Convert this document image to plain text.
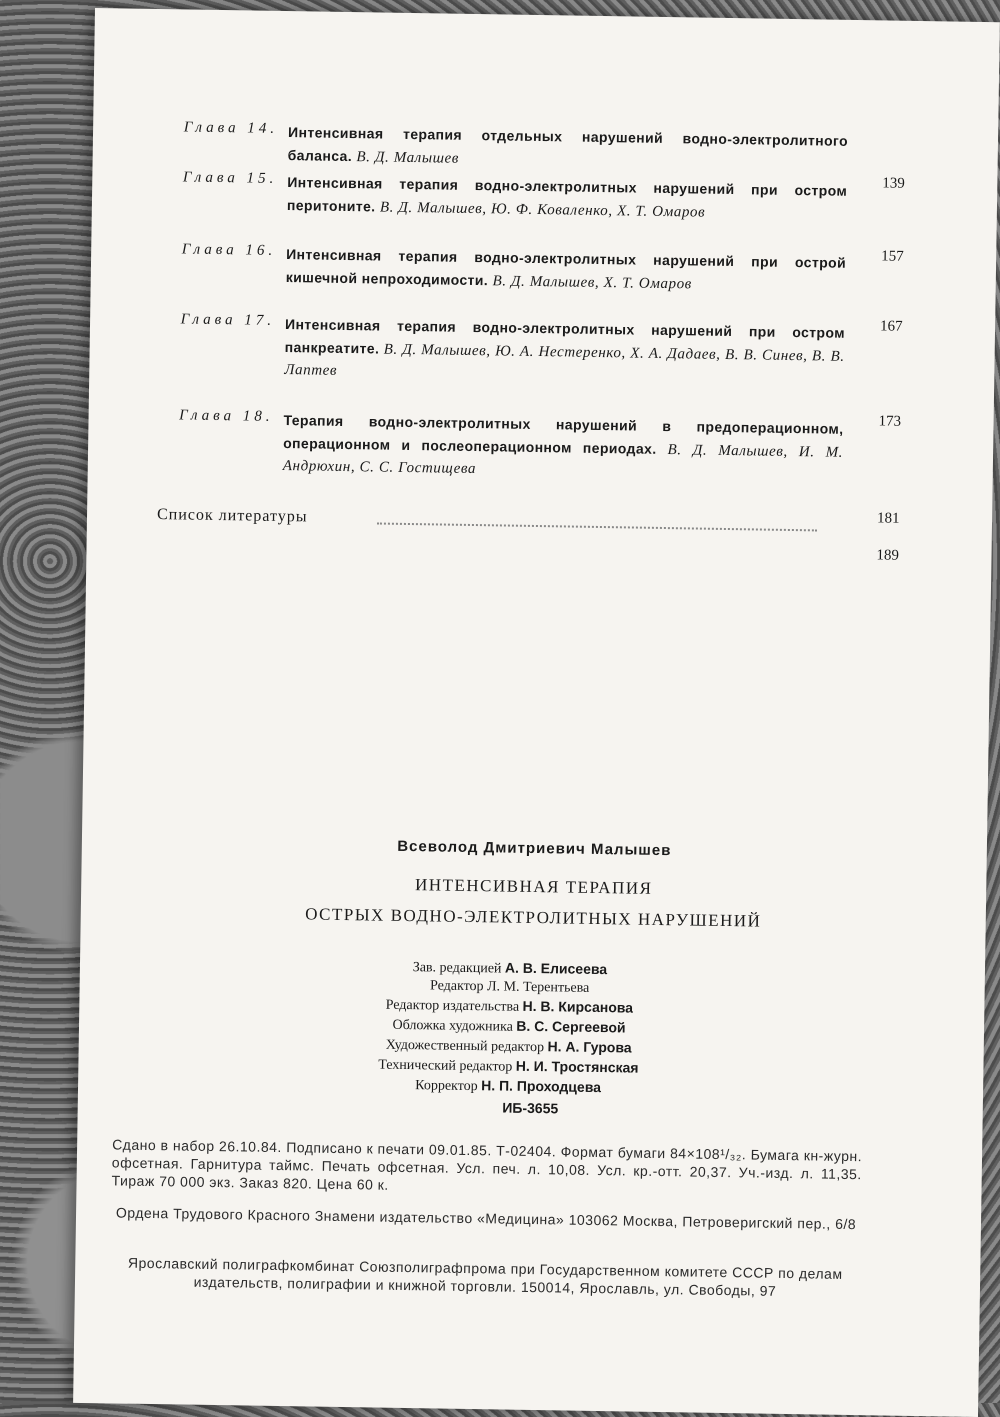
Глава 14. Интенсивная терапия отдельных нарушений водно-электролитного баланса. В. Д. Малышев
139
Глава 15. Интенсивная терапия водно-электролитных нарушений при остром перитоните. В. Д. Малышев, Ю. Ф. Коваленко, Х. Т. Омаров
157
Глава 16. Интенсивная терапия водно-электролитных нарушений при острой кишечной непроходимости. В. Д. Малышев, Х. Т. Омаров
167
Глава 17. Интенсивная терапия водно-электролитных нарушений при остром панкреатите. В. Д. Малышев, Ю. А. Нестеренко, Х. А. Дадаев, В. В. Синев, В. В. Лаптев
173
Глава 18. Терапия водно-электролитных нарушений в предоперационном, операционном и послеоперационном периодах. В. Д. Малышев, И. М. Андрюхин, С. С. Гостищева
181
Список литературы
189
Всеволод Дмитриевич Малышев
ИНТЕНСИВНАЯ ТЕРАПИЯ
ОСТРЫХ ВОДНО-ЭЛЕКТРОЛИТНЫХ НАРУШЕНИЙ
Зав. редакцией А. В. Елисеева
Редактор Л. М. Терентьева
Редактор издательства Н. В. Кирсанова
Обложка художника В. С. Сергеевой
Художественный редактор Н. А. Гурова
Технический редактор Н. И. Тростянская
Корректор Н. П. Проходцева
ИБ-3655
Сдано в набор 26.10.84. Подписано к печати 09.01.85. Т-02404. Формат бумаги 84×108¹/₃₂. Бумага кн-журн. офсетная. Гарнитура таймс. Печать офсетная. Усл. печ. л. 10,08. Усл. кр.-отт. 20,37. Уч.-изд. л. 11,35. Тираж 70 000 экз. Заказ 820. Цена 60 к.
Ордена Трудового Красного Знамени издательство «Медицина» 103062 Москва, Петроверигский пер., 6/8
Ярославский полиграфкомбинат Союзполиграфпрома при Государственном комитете СССР по делам издательств, полиграфии и книжной торговли. 150014, Ярославль, ул. Свободы, 97
